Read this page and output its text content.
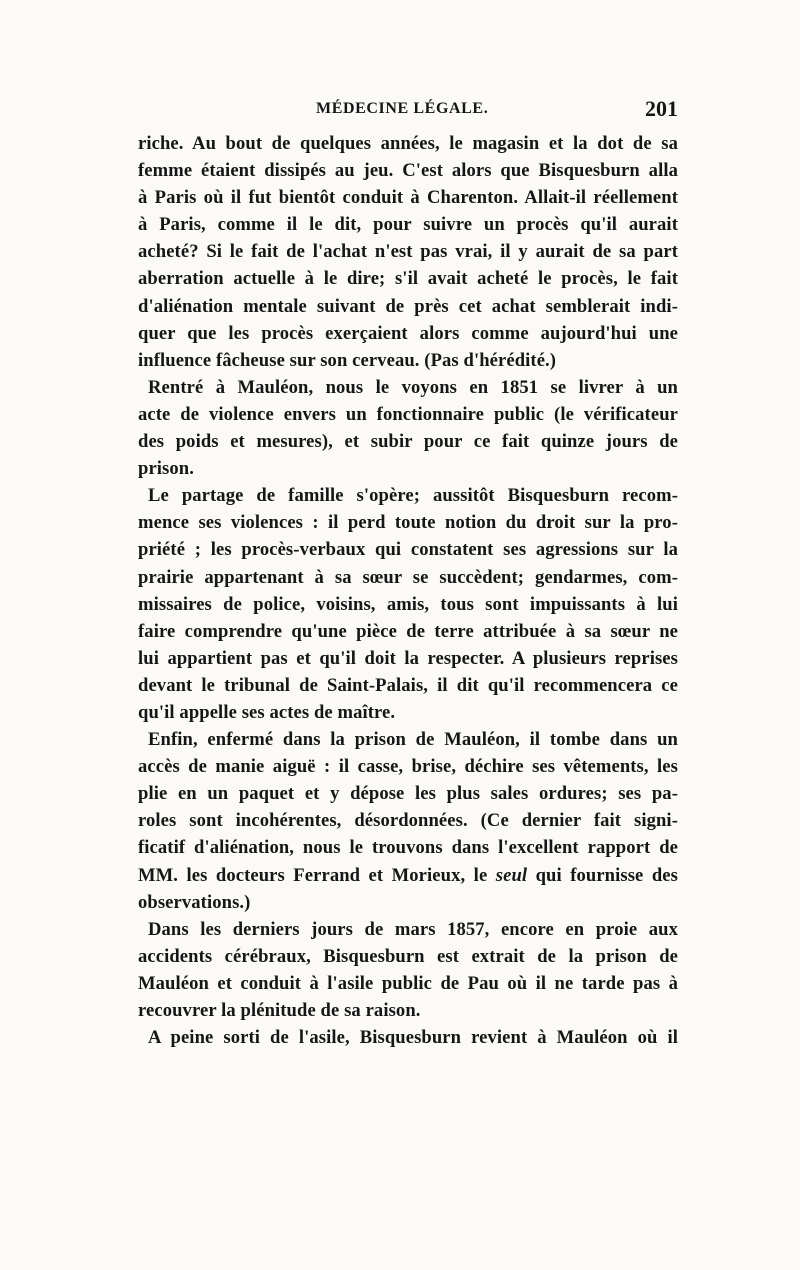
MÉDECINE LÉGALE.	201
riche. Au bout de quelques années, le magasin et la dot de sa
femme étaient dissipés au jeu. C'est alors que Bisquesburn alla
à Paris où il fut bientôt conduit à Charenton. Allait-il réellement
à Paris, comme il le dit, pour suivre un procès qu'il aurait
acheté? Si le fait de l'achat n'est pas vrai, il y aurait de sa part
aberration actuelle à le dire; s'il avait acheté le procès, le fait
d'aliénation mentale suivant de près cet achat semblerait indi-
quer que les procès exerçaient alors comme aujourd'hui une
influence fâcheuse sur son cerveau. (Pas d'hérédité.)
Rentré à Mauléon, nous le voyons en 1851 se livrer à un
acte de violence envers un fonctionnaire public (le vérificateur
des poids et mesures), et subir pour ce fait quinze jours de
prison.
Le partage de famille s'opère; aussitôt Bisquesburn recom-
mence ses violences : il perd toute notion du droit sur la pro-
priété ; les procès-verbaux qui constatent ses agressions sur la
prairie appartenant à sa sœur se succèdent; gendarmes, com-
missaires de police, voisins, amis, tous sont impuissants à lui
faire comprendre qu'une pièce de terre attribuée à sa sœur ne
lui appartient pas et qu'il doit la respecter. A plusieurs reprises
devant le tribunal de Saint-Palais, il dit qu'il recommencera ce
qu'il appelle ses actes de maître.
Enfin, enfermé dans la prison de Mauléon, il tombe dans un
accès de manie aiguë : il casse, brise, déchire ses vêtements, les
plie en un paquet et y dépose les plus sales ordures; ses pa-
roles sont incohérentes, désordonnées. (Ce dernier fait signi-
ficatif d'aliénation, nous le trouvons dans l'excellent rapport de
MM. les docteurs Ferrand et Morieux, le seul qui fournisse des
observations.)
Dans les derniers jours de mars 1857, encore en proie aux
accidents cérébraux, Bisquesburn est extrait de la prison de
Mauléon et conduit à l'asile public de Pau où il ne tarde pas à
recouvrer la plénitude de sa raison.
A peine sorti de l'asile, Bisquesburn revient à Mauléon où il
